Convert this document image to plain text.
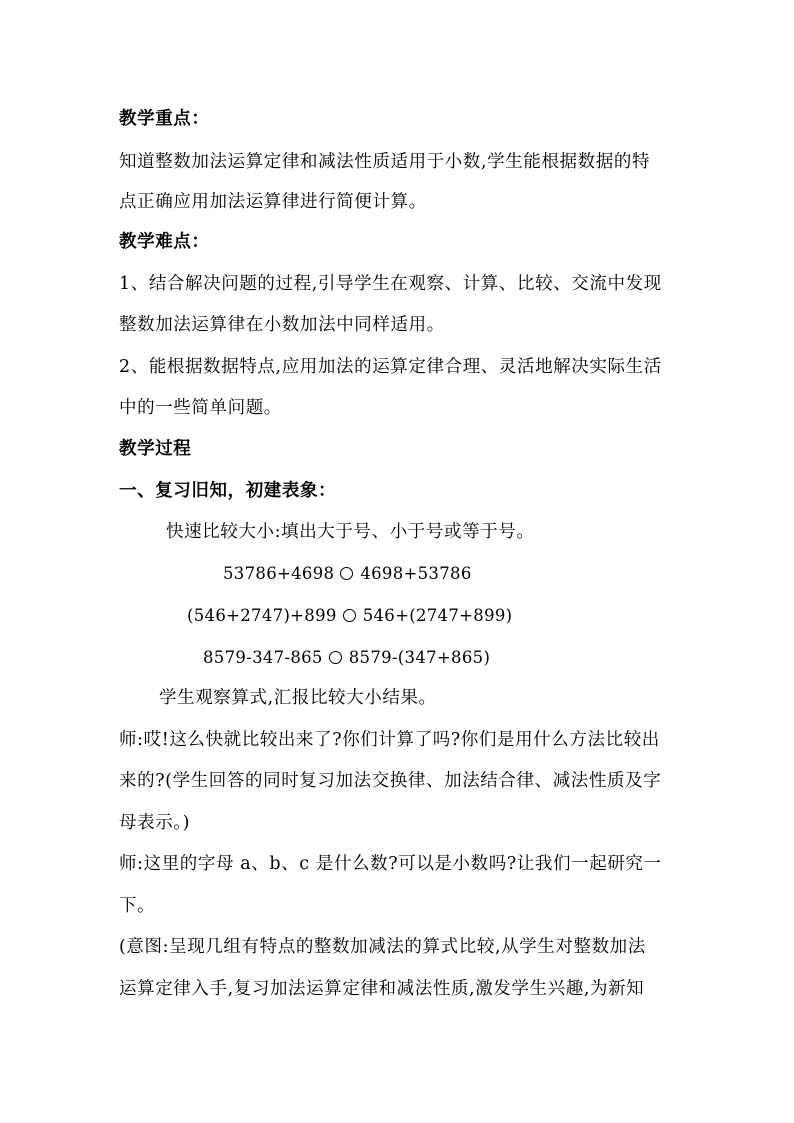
教学重点：
知道整数加法运算定律和减法性质适用于小数,学生能根据数据的特
点正确应用加法运算律进行简便计算。
教学难点：
1、结合解决问题的过程,引导学生在观察、计算、比较、交流中发现
整数加法运算律在小数加法中同样适用。
2、能根据数据特点,应用加法的运算定律合理、灵活地解决实际生活
中的一些简单问题。
教学过程
一、复习旧知，初建表象：
快速比较大小:填出大于号、小于号或等于号。
53786+4698 4698+53786
(546+2747)+899 546+(2747+899)
8579-347-865 8579-(347+865)
学生观察算式,汇报比较大小结果。
师:哎!这么快就比较出来了?你们计算了吗?你们是用什么方法比较出
来的?(学生回答的同时复习加法交换律、加法结合律、减法性质及字
母表示。)
师:这里的字母 a、b、c 是什么数?可以是小数吗?让我们一起研究一
下。
(意图:呈现几组有特点的整数加减法的算式比较,从学生对整数加法
运算定律入手,复习加法运算定律和减法性质,激发学生兴趣,为新知
